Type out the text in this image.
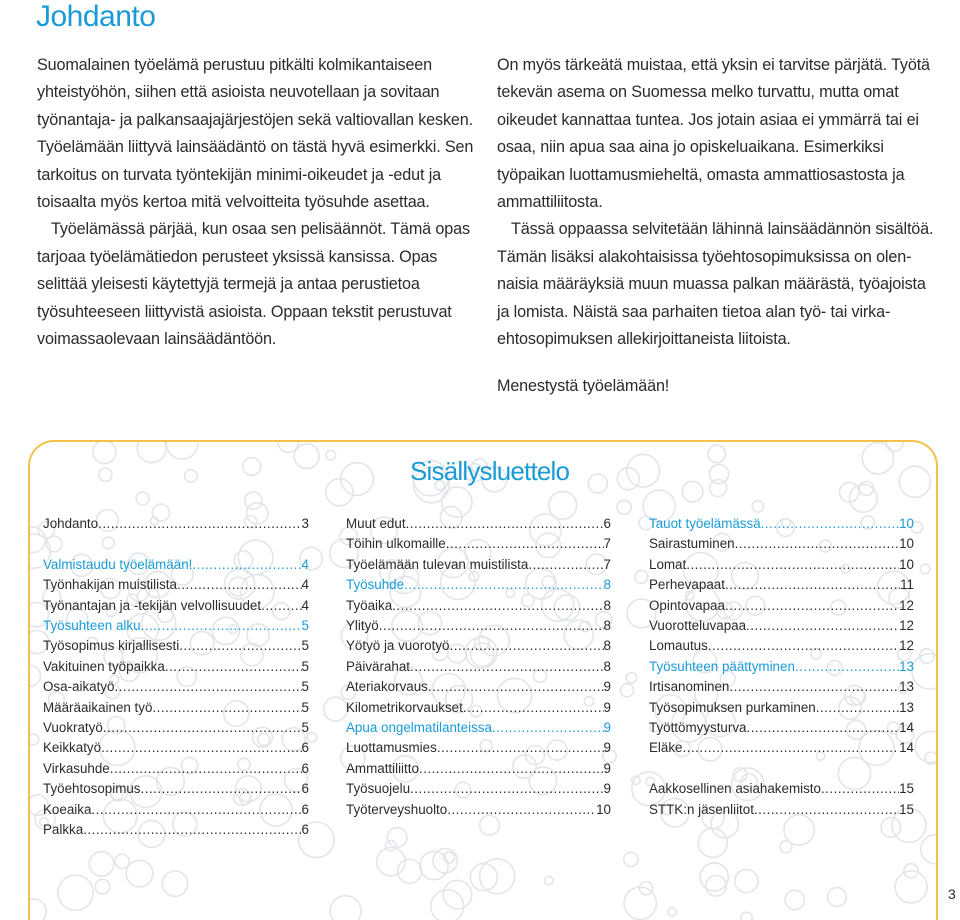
Johdanto

Suomalainen työelämä perustuu pitkälti kolmikantaiseen yhteistyöhön, siihen että asioista neuvotellaan ja sovitaan työnantaja- ja palkansaajajärjestöjen sekä valtiovallan kesken. Työelämään liittyvä lainsäädäntö on tästä hyvä esimerkki. Sen tarkoitus on turvata työntekijän minimi-oikeudet ja -edut ja toisaalta myös kertoa mitä velvoitteita työsuhde asettaa.

Työelämässä pärjää, kun osaa sen pelisäännöt. Tämä opas tarjoaa työelämätiedon perusteet yksissä kansissa. Opas selittää yleisesti käytettyjä termejä ja antaa perustietoa työsuhteeseen liittyvistä asioista. Oppaan tekstit perustuvat voimassaolevaan lainsäädäntöön.

On myös tärkeätä muistaa, että yksin ei tarvitse pärjätä. Työtä tekevän asema on Suomessa melko turvattu, mutta omat oikeudet kannattaa tuntea. Jos jotain asiaa ei ymmärrä tai ei osaa, niin apua saa aina jo opiskeluaikana. Esimerkiksi työpaikan luottamusmieheltä, omasta ammattiosastosta ja ammattiliitosta.

Tässä oppaassa selvitetään lähinnä lainsäädännön sisältöä. Tämän lisäksi alakohtaisissa työehtosopimuksissa on olen-naisia määräyksiä muun muassa palkan määrästä, työajoista ja lomista. Näistä saa parhaiten tietoa alan työ- tai virka-ehtosopimuksen allekirjoittaneista liitoista.

Menestystä työelämään!

Sisällysluettelo
Johdanto .....	3
Valmistaudu työelämään! .....	4
Työnhakijan muistilista .....	4
Työnantajan ja -tekijän velvollisuudet .....	4
Työsuhteen alku .....	5
Työsopimus kirjallisesti .....	5
Vakituinen työpaikka .....	5
Osa-aikatyö .....	5
Määräaikainen työ .....	5
Vuokratyö .....	5
Keikkatyö .....	6
Virkasuhde .....	6
Työehtosopimus .....	6
Koeaika .....	6
Palkka .....	6
Muut edut .....	6
Töihin ulkomaille .....	7
Työelämään tulevan muistilista .....	7
Työsuhde .....	8
Työaika .....	8
Ylityö .....	8
Yötyö ja vuorotyö .....	8
Päivärahat .....	8
Ateriakorvaus .....	9
Kilometrikorvaukset .....	9
Apua ongelmatilanteissa .....	9
Luottamusmies .....	9
Ammattiliitto .....	9
Työsuojelu .....	9
Työterveyshuolto .....	10
Tauot työelämässä .....	10
Sairastuminen .....	10
Lomat .....	10
Perhevapaat .....	11
Opintovapaa .....	12
Vuorotteluvapaa .....	12
Lomautus .....	12
Työsuhteen päättyminen .....	13
Irtisanominen .....	13
Työsopimuksen purkaminen .....	13
Työttömyysturva .....	14
Eläke .....	14
Aakkosellinen asiahakemisto .....	15
STTK:n jäsenliitot .....	15
3
